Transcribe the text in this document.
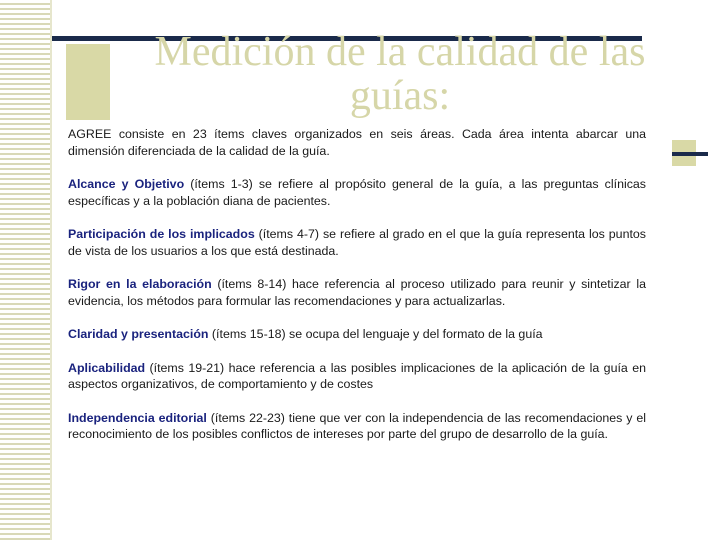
Medición de la calidad de las guías:

AGREE consiste en 23 ítems claves organizados en seis áreas. Cada área intenta abarcar una dimensión diferenciada de la calidad de la guía.

Alcance y Objetivo (ítems 1-3) se refiere al propósito general de la guía, a las preguntas clínicas específicas y a la población diana de pacientes.

Participación de los implicados (ítems 4-7) se refiere al grado en el que la guía representa los puntos de vista de los usuarios a los que está destinada.

Rigor en la elaboración (ítems 8-14) hace referencia al proceso utilizado para reunir y sintetizar la evidencia, los métodos para formular las recomendaciones y para actualizarlas.

Claridad y presentación (ítems 15-18) se ocupa del lenguaje y del formato de la guía

Aplicabilidad (ítems 19-21) hace referencia a las posibles implicaciones de la aplicación de la guía en aspectos organizativos, de comportamiento y de costes

Independencia editorial (ítems 22-23) tiene que ver con la independencia de las recomendaciones y el reconocimiento de los posibles conflictos de intereses por parte del grupo de desarrollo de la guía.
